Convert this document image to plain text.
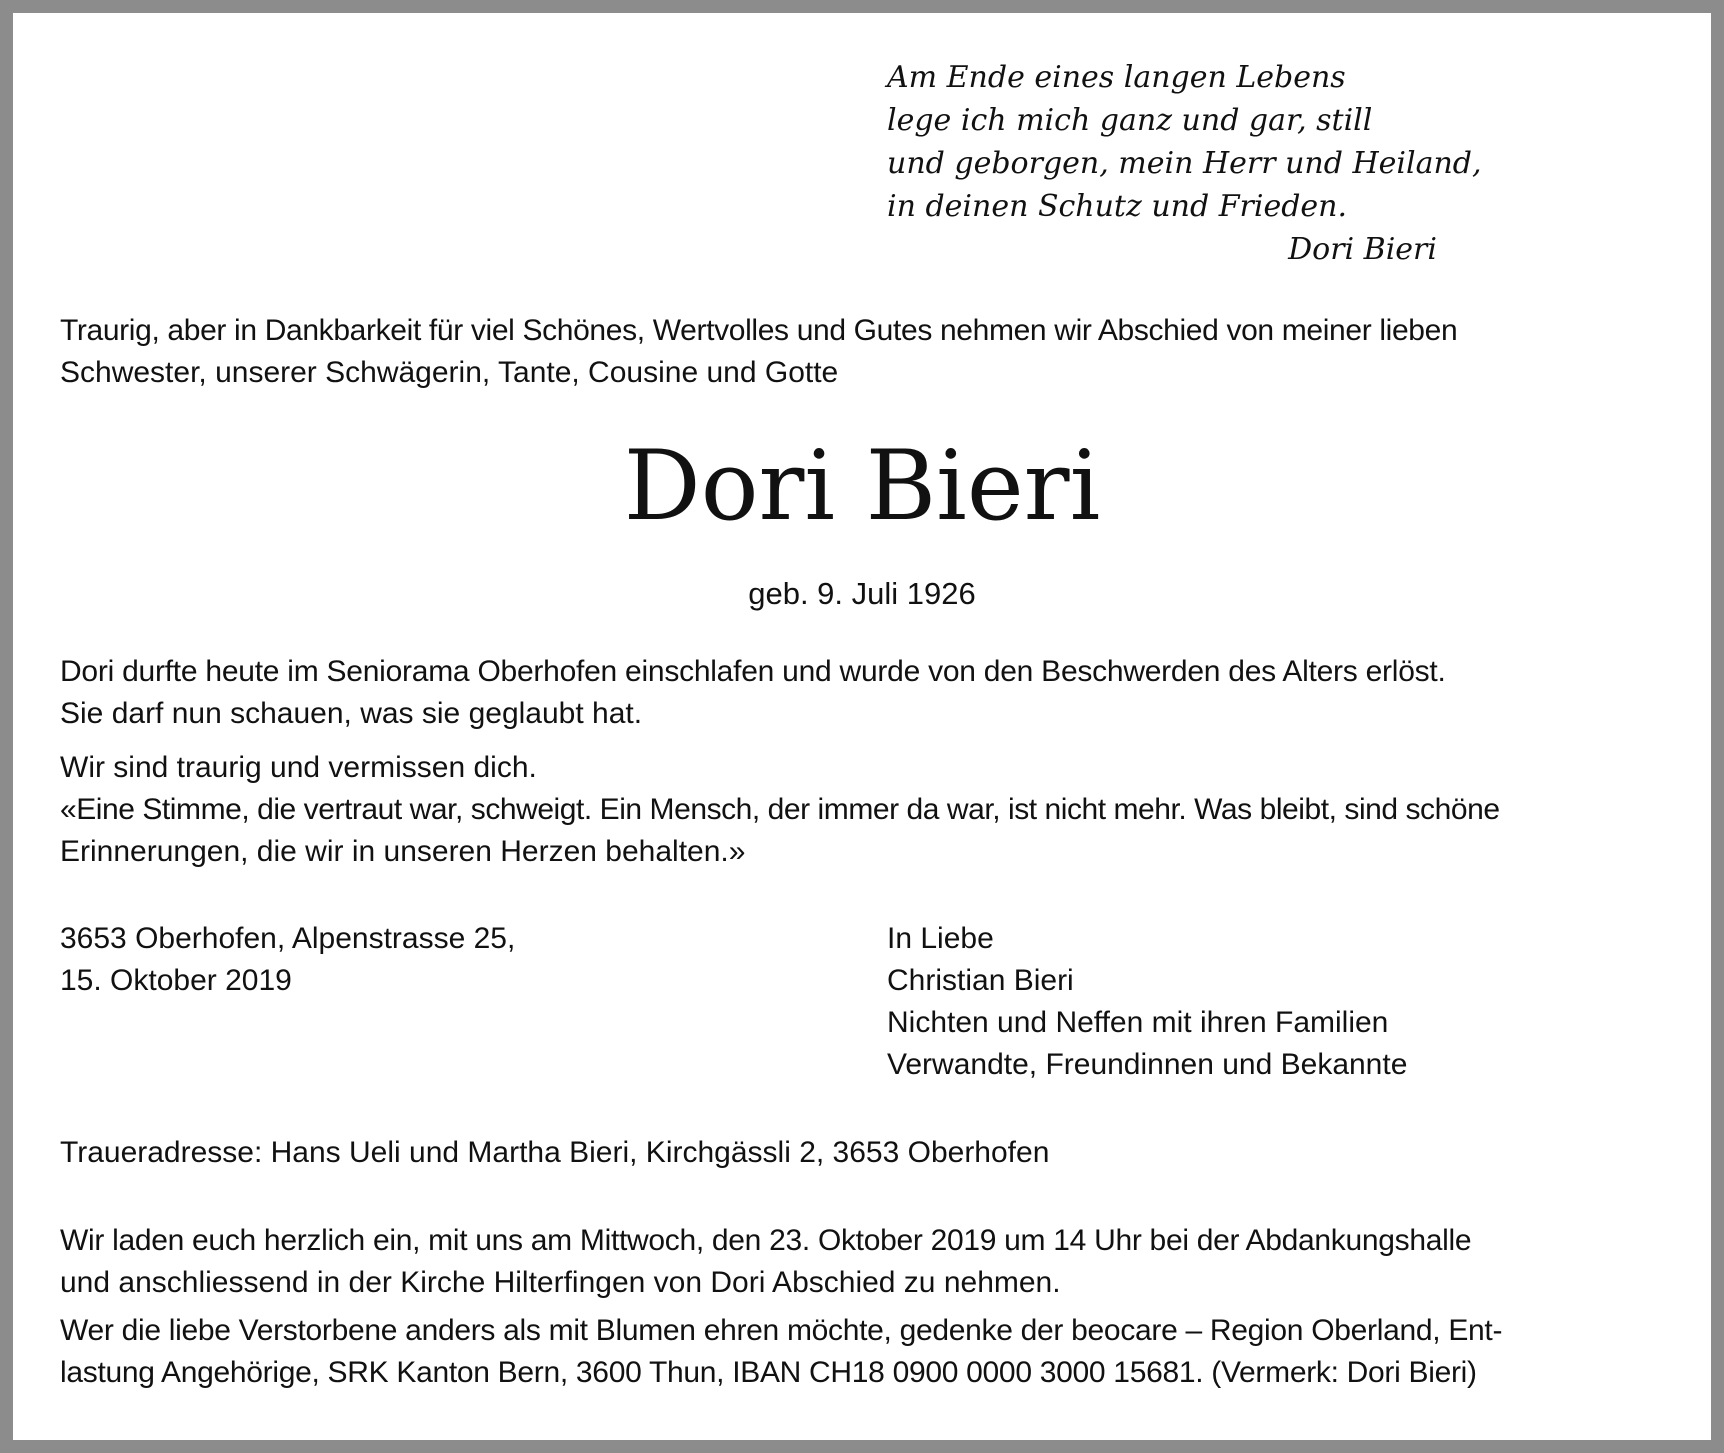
Am Ende eines langen Lebens
lege ich mich ganz und gar, still
und geborgen, mein Herr und Heiland,
in deinen Schutz und Frieden.
Dori Bieri
Traurig, aber in Dankbarkeit für viel Schönes, Wertvolles und Gutes nehmen wir Abschied von meiner lieben
Schwester, unserer Schwägerin, Tante, Cousine und Gotte
Dori Bieri
geb. 9. Juli 1926
Dori durfte heute im Seniorama Oberhofen einschlafen und wurde von den Beschwerden des Alters erlöst.
Sie darf nun schauen, was sie geglaubt hat.
Wir sind traurig und vermissen dich.
«Eine Stimme, die vertraut war, schweigt. Ein Mensch, der immer da war, ist nicht mehr. Was bleibt, sind schöne
Erinnerungen, die wir in unseren Herzen behalten.»
3653 Oberhofen, Alpenstrasse 25,
15. Oktober 2019
In Liebe
Christian Bieri
Nichten und Neffen mit ihren Familien
Verwandte, Freundinnen und Bekannte
Traueradresse: Hans Ueli und Martha Bieri, Kirchgässli 2, 3653 Oberhofen
Wir laden euch herzlich ein, mit uns am Mittwoch, den 23. Oktober 2019 um 14 Uhr bei der Abdankungshalle
und anschliessend in der Kirche Hilterfingen von Dori Abschied zu nehmen.
Wer die liebe Verstorbene anders als mit Blumen ehren möchte, gedenke der beocare – Region Oberland, Ent-
lastung Angehörige, SRK Kanton Bern, 3600 Thun, IBAN CH18 0900 0000 3000 15681. (Vermerk: Dori Bieri)
